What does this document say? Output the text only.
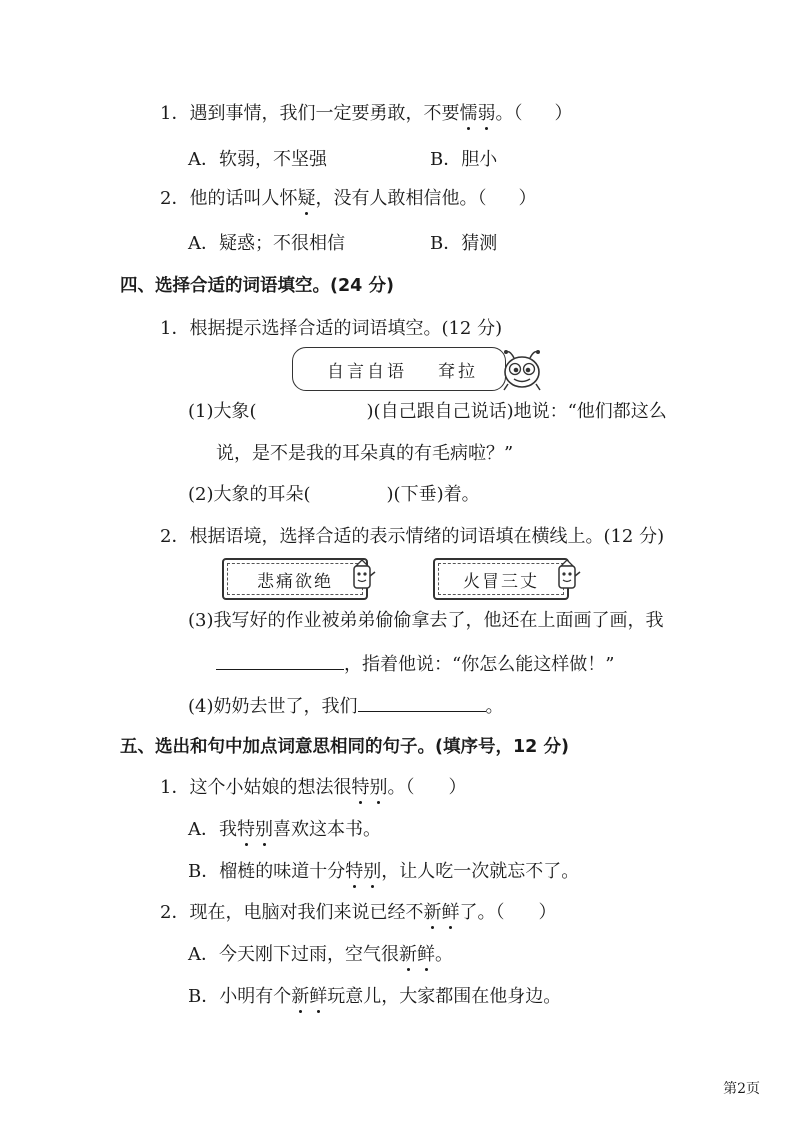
1．遇到事情，我们一定要勇敢，不要懦弱。（ ）
A．软弱，不坚强	B．胆小
2．他的话叫人怀疑，没有人敢相信他。（ ）
A．疑惑；不很相信	B．猜测
四、选择合适的词语填空。(24 分)
1．根据提示选择合适的词语填空。(12 分)
自言自语 耷拉
(1)大象(	)(自己跟自己说话)地说：“他们都这么
说，是不是我的耳朵真的有毛病啦？”
(2)大象的耳朵(	)(下垂)着。
2．根据语境，选择合适的表示情绪的词语填在横线上。(12 分)
悲痛欲绝	火冒三丈
(3)我写好的作业被弟弟偷偷拿去了，他还在上面画了画，我
，指着他说：“你怎么能这样做！”
(4)奶奶去世了，我们	。
五、选出和句中加点词意思相同的句子。(填序号，12 分)
1．这个小姑娘的想法很特别。（ ）
A．我特别喜欢这本书。
B．榴梿的味道十分特别，让人吃一次就忘不了。
2．现在，电脑对我们来说已经不新鲜了。（ ）
A．今天刚下过雨，空气很新鲜。
B．小明有个新鲜玩意儿，大家都围在他身边。
第2页
